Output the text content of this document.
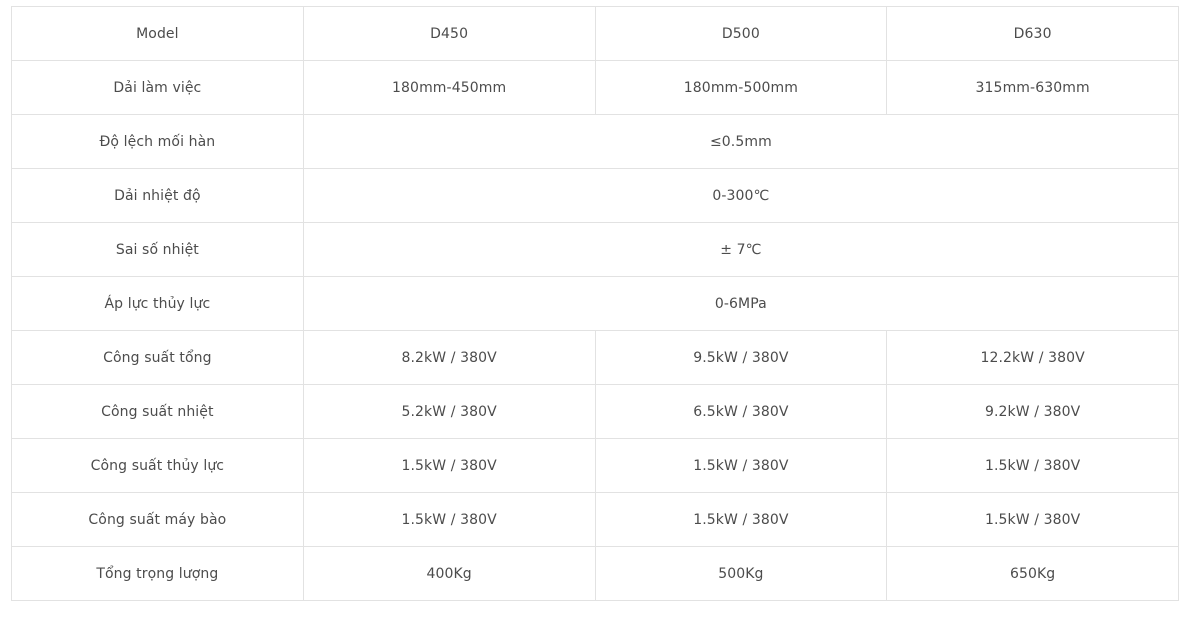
Model	D450	D500	D630
Dải làm việc	180mm-450mm	180mm-500mm	315mm-630mm
Độ lệch mối hàn	≤0.5mm		
Dải nhiệt độ	0-300℃		
Sai số nhiệt	± 7℃		
Áp lực thủy lực	0-6MPa		
Công suất tổng	8.2kW / 380V	9.5kW / 380V	12.2kW / 380V
Công suất nhiệt	5.2kW / 380V	6.5kW / 380V	9.2kW / 380V
Công suất thủy lực	1.5kW / 380V	1.5kW / 380V	1.5kW / 380V
Công suất máy bào	1.5kW / 380V	1.5kW / 380V	1.5kW / 380V
Tổng trọng lượng	400Kg	500Kg	650Kg
